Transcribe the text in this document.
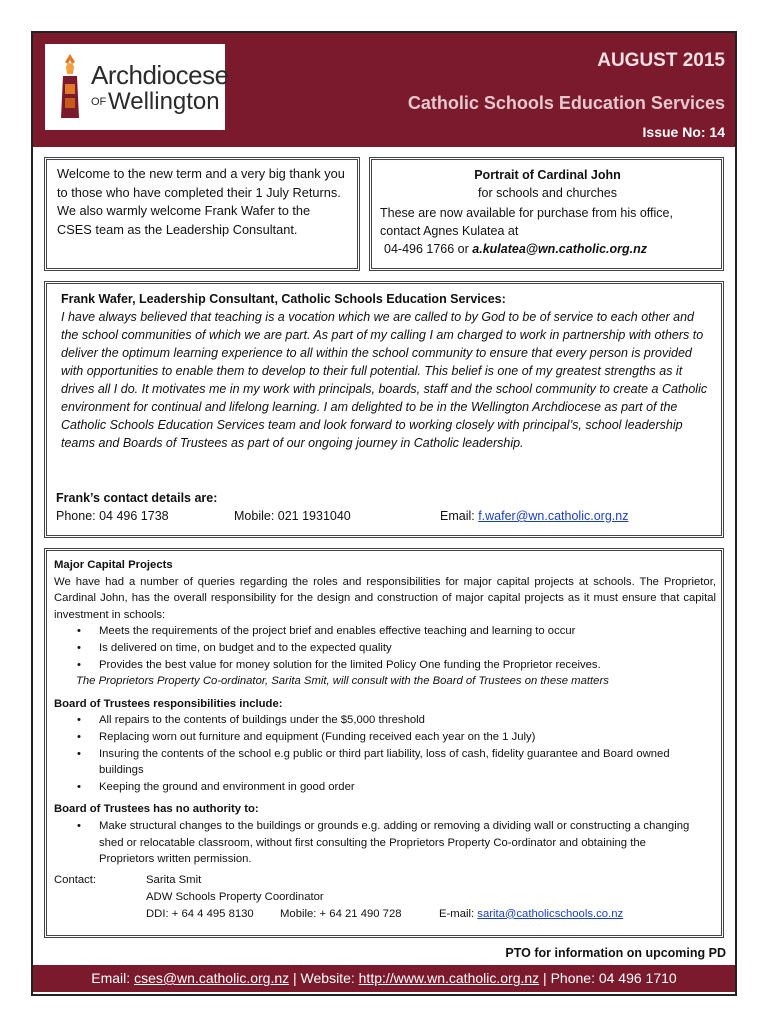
Archdiocese
OF Wellington
AUGUST 2015
Catholic Schools Education Services
Issue No: 14

Welcome to the new term and a very big thank you to those who have completed their 1 July Returns. We also warmly welcome Frank Wafer to the CSES team as the Leadership Consultant.

Portrait of Cardinal John
for schools and churches
These are now available for purchase from his office, contact Agnes Kulatea at
04-496 1766 or a.kulatea@wn.catholic.org.nz
Frank Wafer, Leadership Consultant, Catholic Schools Education Services:

I have always believed that teaching is a vocation which we are called to by God to be of service to each other and the school communities of which we are part. As part of my calling I am charged to work in partnership with others to deliver the optimum learning experience to all within the school community to ensure that every person is provided with opportunities to enable them to develop to their full potential. This belief is one of my greatest strengths as it drives all I do. It motivates me in my work with principals, boards, staff and the school community to create a Catholic environment for continual and lifelong learning. I am delighted to be in the Wellington Archdiocese as part of the Catholic Schools Education Services team and look forward to working closely with principal’s, school leadership teams and Boards of Trustees as part of our ongoing journey in Catholic leadership.

Frank’s contact details are:
Phone: 04 496 1738	Mobile: 021 1931040	Email: f.wafer@wn.catholic.org.nz
Major Capital Projects

We have had a number of queries regarding the roles and responsibilities for major capital projects at schools. The Proprietor, Cardinal John, has the overall responsibility for the design and construction of major capital projects as it must ensure that capital investment in schools:

• Meets the requirements of the project brief and enables effective teaching and learning to occur
• Is delivered on time, on budget and to the expected quality
• Provides the best value for money solution for the limited Policy One funding the Proprietor receives.
The Proprietors Property Co-ordinator, Sarita Smit, will consult with the Board of Trustees on these matters
Board of Trustees responsibilities include:
• All repairs to the contents of buildings under the $5,000 threshold
• Replacing worn out furniture and equipment (Funding received each year on the 1 July)
• Insuring the contents of the school e.g public or third part liability, loss of cash, fidelity guarantee and Board owned buildings
• Keeping the ground and environment in good order
Board of Trustees has no authority to:
• Make structural changes to the buildings or grounds e.g. adding or removing a dividing wall or constructing a changing shed or relocatable classroom, without first consulting the Proprietors Property Co-ordinator and obtaining the Proprietors written permission.
Contact:	Sarita Smit
ADW Schools Property Coordinator
DDI: + 64 4 495 8130 Mobile: + 64 21 490 728	E-mail: sarita@catholicschools.co.nz
PTO for information on upcoming PD
Email: cses@wn.catholic.org.nz | Website: http://www.wn.catholic.org.nz | Phone: 04 496 1710
